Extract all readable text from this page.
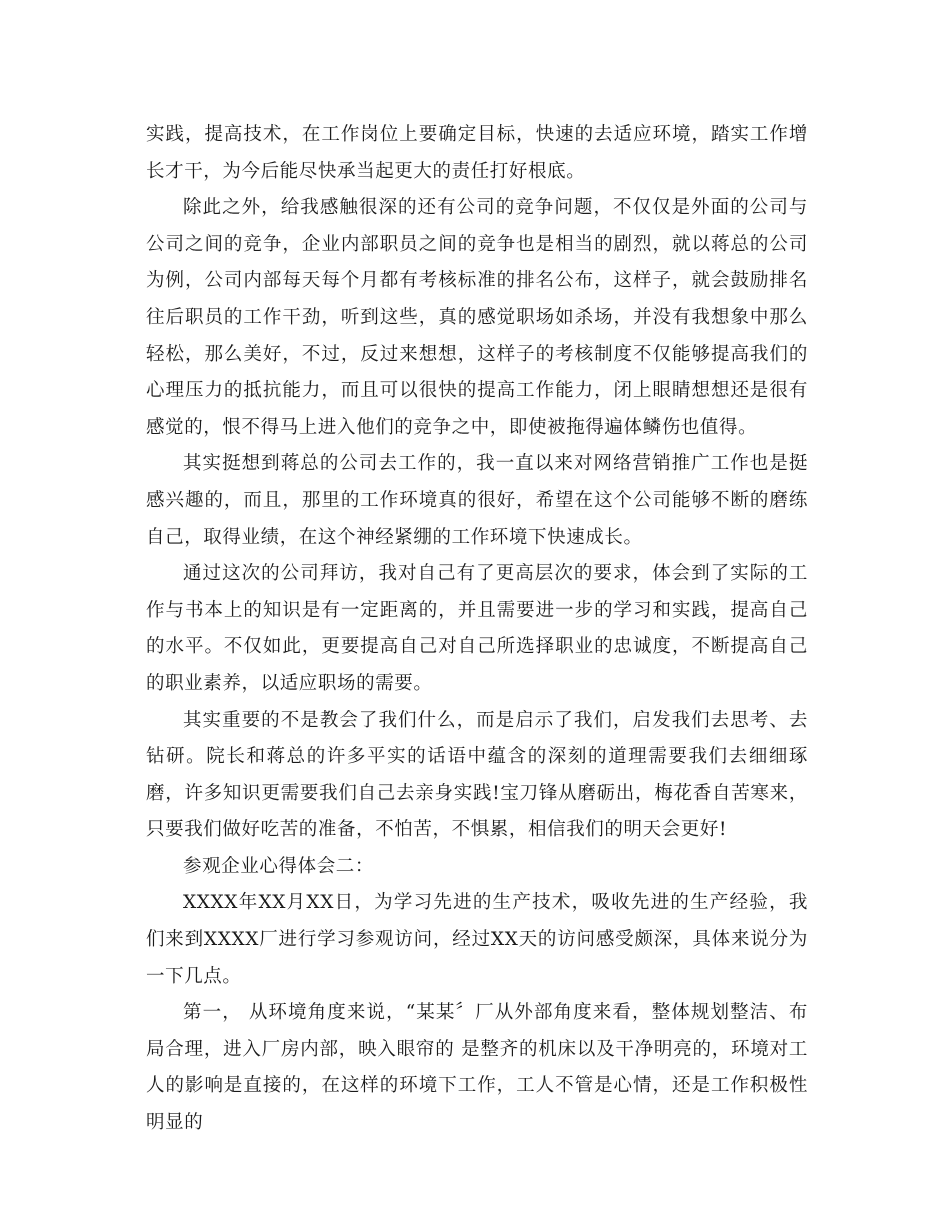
实践，提高技术，在工作岗位上要确定目标，快速的去适应环境，踏实工作增长才干，为今后能尽快承当起更大的责任打好根底。

除此之外，给我感触很深的还有公司的竞争问题，不仅仅是外面的公司与公司之间的竞争，企业内部职员之间的竞争也是相当的剧烈，就以蒋总的公司为例，公司内部每天每个月都有考核标准的排名公布，这样子，就会鼓励排名往后职员的工作干劲，听到这些，真的感觉职场如杀场，并没有我想象中那么轻松，那么美好，不过，反过来想想，这样子的考核制度不仅能够提高我们的心理压力的抵抗能力，而且可以很快的提高工作能力，闭上眼睛想想还是很有感觉的，恨不得马上进入他们的竞争之中，即使被拖得遍体鳞伤也值得。

其实挺想到蒋总的公司去工作的，我一直以来对网络营销推广工作也是挺感兴趣的，而且，那里的工作环境真的很好，希望在这个公司能够不断的磨练自己，取得业绩，在这个神经紧绷的工作环境下快速成长。

通过这次的公司拜访，我对自己有了更高层次的要求，体会到了实际的工作与书本上的知识是有一定距离的，并且需要进一步的学习和实践，提高自己的水平。不仅如此，更要提高自己对自己所选择职业的忠诚度，不断提高自己的职业素养，以适应职场的需要。

其实重要的不是教会了我们什么，而是启示了我们，启发我们去思考、去钻研。院长和蒋总的许多平实的话语中蕴含的深刻的道理需要我们去细细琢磨，许多知识更需要我们自己去亲身实践!宝刀锋从磨砺出，梅花香自苦寒来，只要我们做好吃苦的准备，不怕苦，不惧累，相信我们的明天会更好!

参观企业心得体会二：

XXXX年XX月XX日，为学习先进的生产技术，吸收先进的生产经验，我们来到XXXX厂进行学习参观访问，经过XX天的访问感受颇深，具体来说分为一下几点。

第一， 从环境角度来说，“某某〞厂从外部角度来看，整体规划整洁、布局合理，进入厂房内部，映入眼帘的 是整齐的机床以及干净明亮的，环境对工人的影响是直接的，在这样的环境下工作，工人不管是心情，还是工作积极性明显的
